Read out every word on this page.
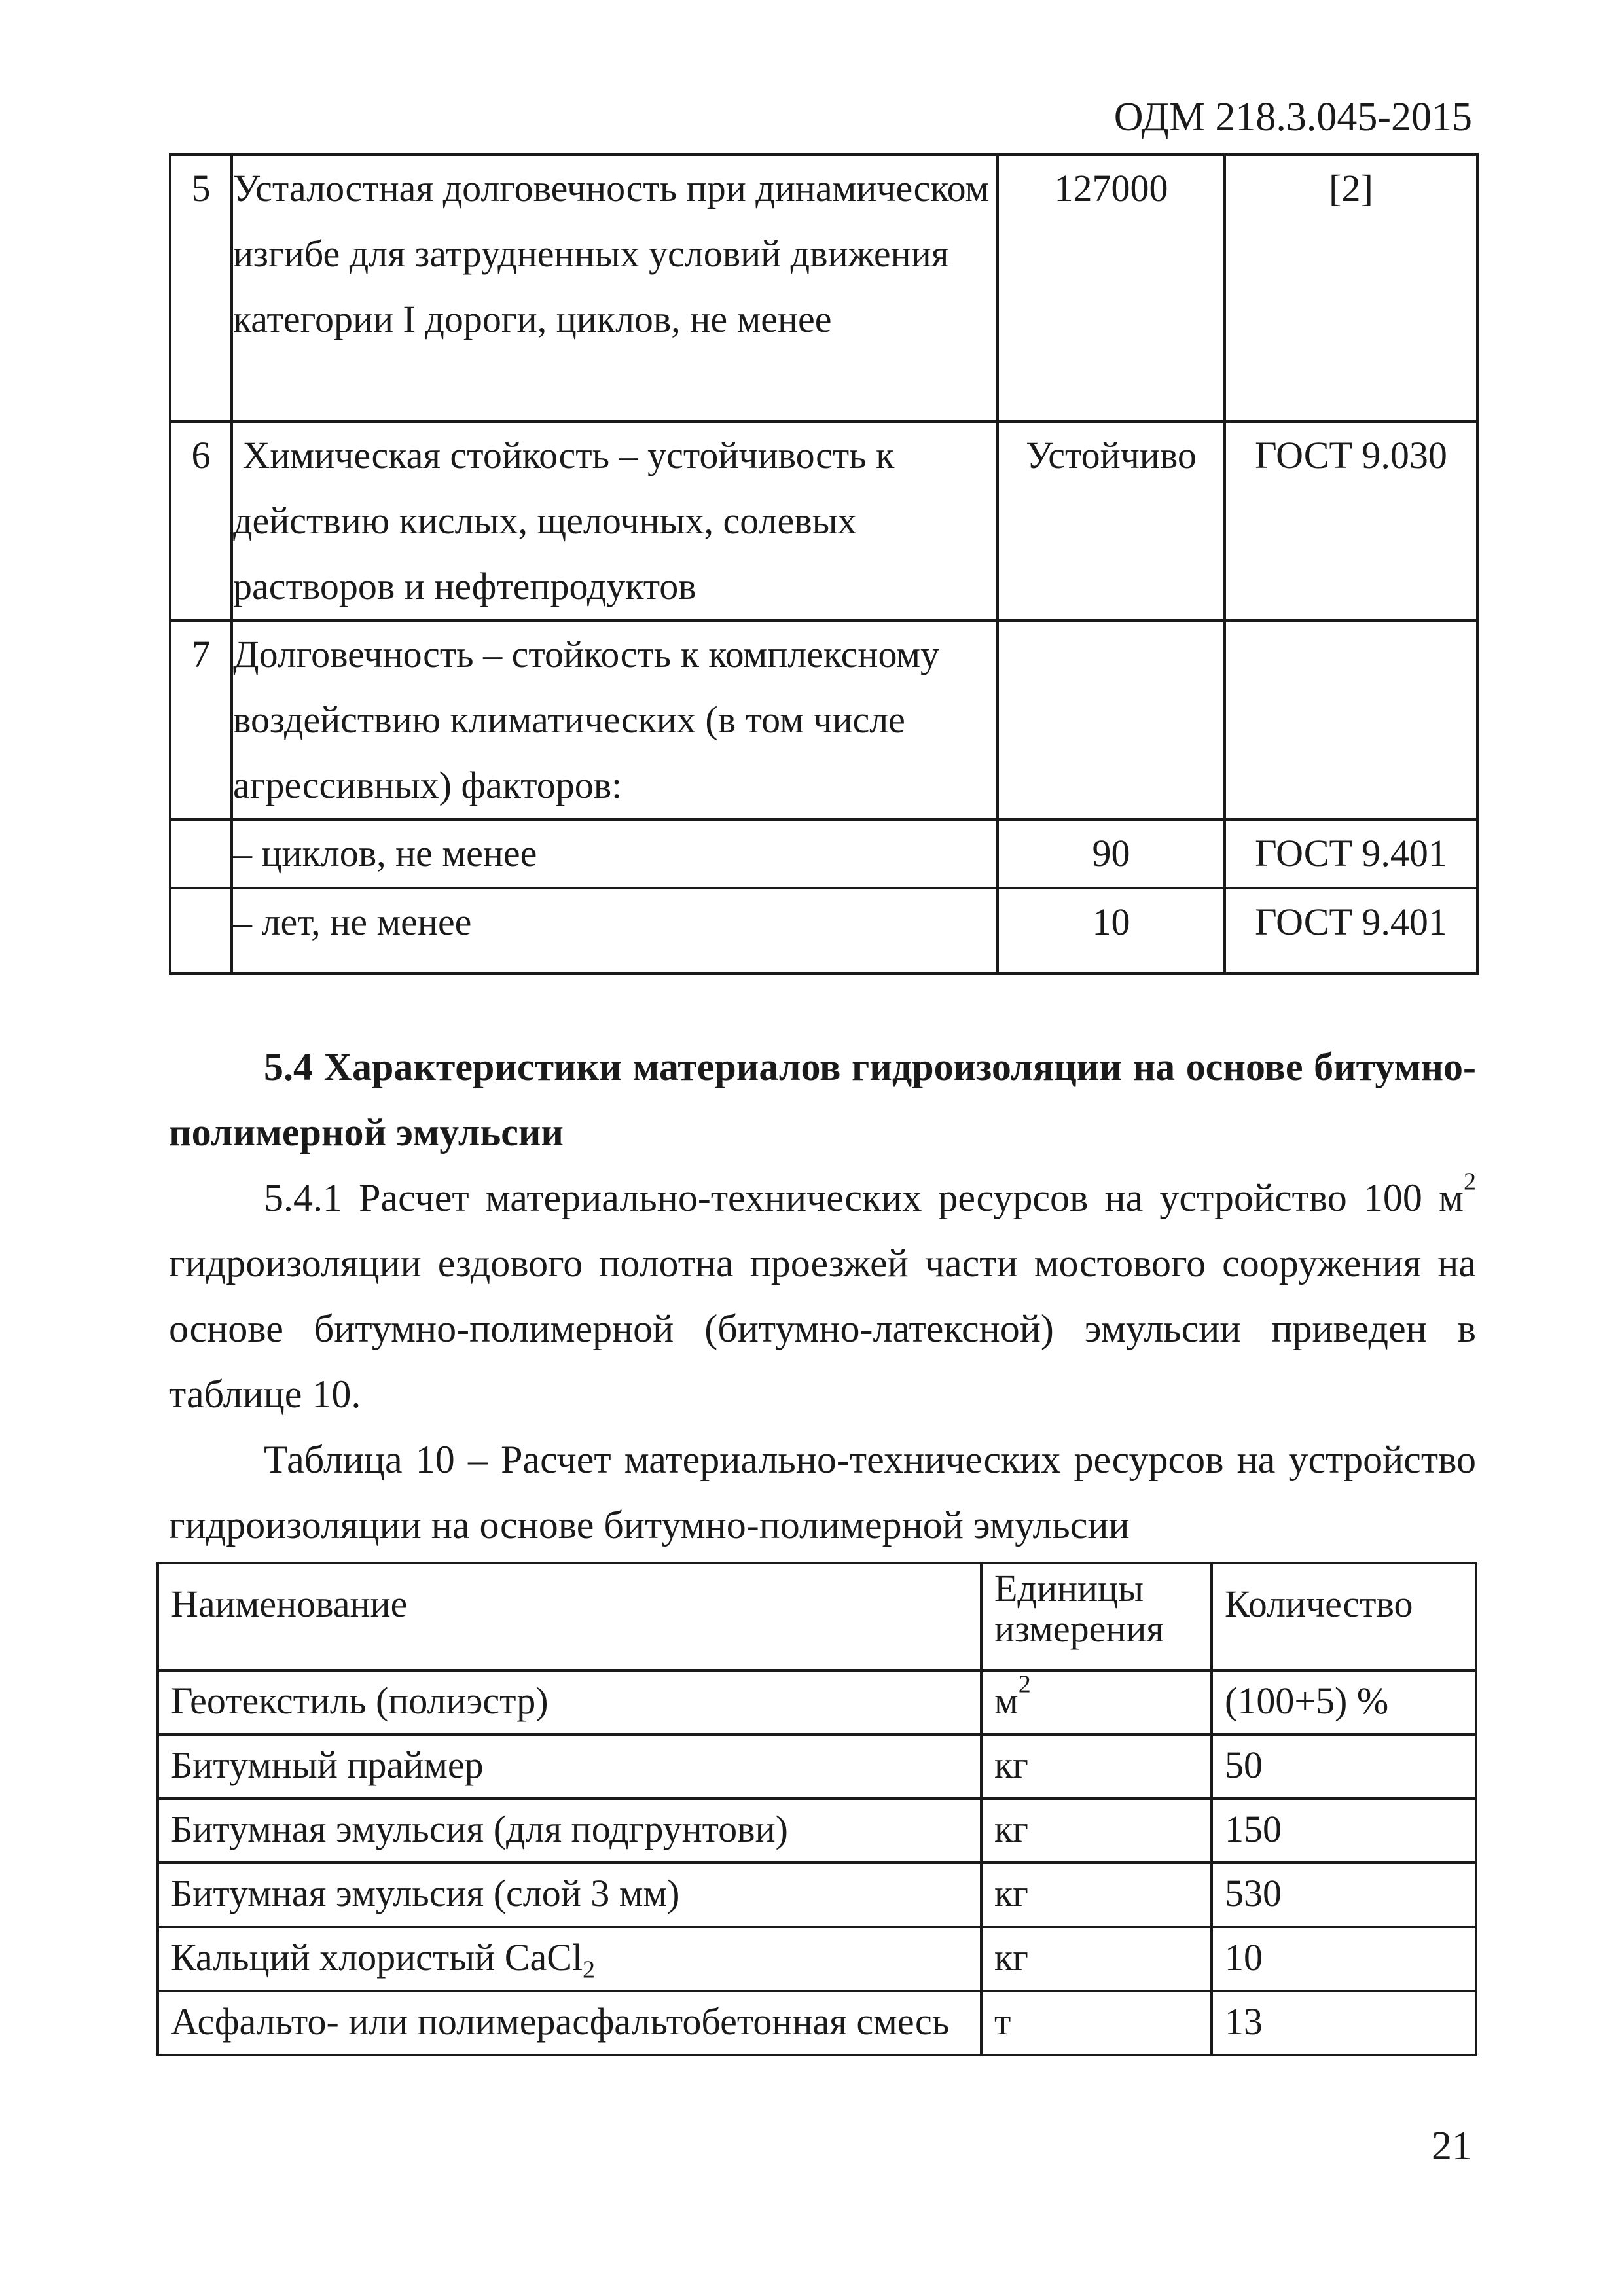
ОДМ 218.3.045-2015
5	Усталостная долговечность при динамическом изгибе для затрудненных условий движения категории I дороги, циклов, не менее	127000	[2]
6	Химическая стойкость – устойчивость к действию кислых, щелочных, солевых растворов и нефтепродуктов	Устойчиво	ГОСТ 9.030
7	Долговечность – стойкость к комплексному воздействию климатических (в том числе агрессивных) факторов:		
	– циклов, не менее	90	ГОСТ 9.401
	– лет, не менее	10	ГОСТ 9.401

5.4 Характеристики материалов гидроизоляции на основе битумно-полимерной эмульсии

5.4.1 Расчет материально-технических ресурсов на устройство 100 $м^2$ гидроизоляции ездового полотна проезжей части мостового сооружения на основе битумно-полимерной (битумно-латексной) эмульсии приведен в таблице 10.

Таблица 10 – Расчет материально-технических ресурсов на устройство гидроизоляции на основе битумно-полимерной эмульсии

Наименование	Единицы измерения	Количество
Геотекстиль (полиэстр)	$м^2$	(100+5) %
Битумный праймер	кг	50
Битумная эмульсия (для подгрунтови)	кг	150
Битумная эмульсия (слой 3 мм)	кг	530
Кальций хлористый CaCl$_2$	кг	10
Асфальто- или полимерасфальтобетонная смесь	т	13
21
